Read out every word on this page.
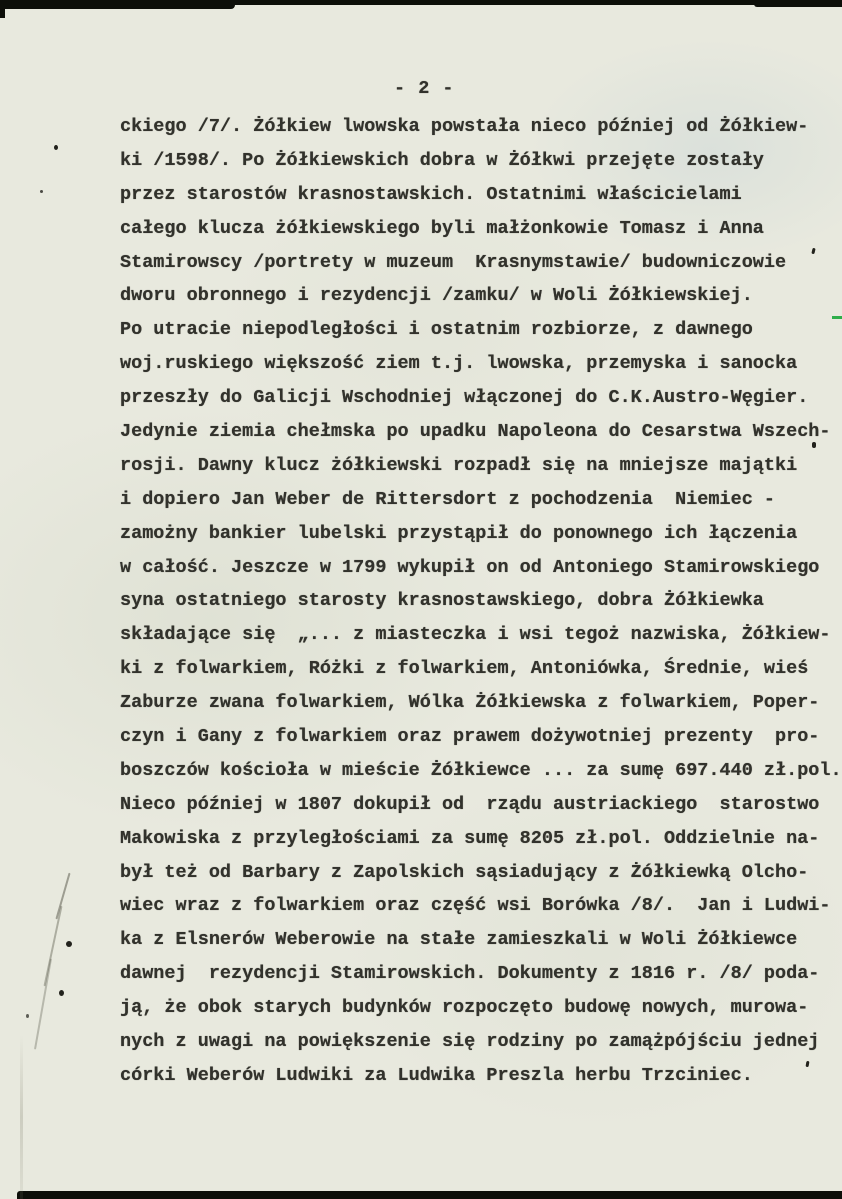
- 2 -

ckiego /7/. Żółkiew lwowska powstała nieco później od Żółkiew-

ki /1598/. Po Żółkiewskich dobra w Żółkwi przejęte zostały

przez starostów krasnostawskich. Ostatnimi właścicielami

całego klucza żółkiewskiego byli małżonkowie Tomasz i Anna

Stamirowscy /portrety w muzeum  Krasnymstawie/ budowniczowie

dworu obronnego i rezydencji /zamku/ w Woli Żółkiewskiej.

Po utracie niepodległości i ostatnim rozbiorze, z dawnego

woj.ruskiego większość ziem t.j. lwowska, przemyska i sanocka

przeszły do Galicji Wschodniej włączonej do C.K.Austro-Węgier.

Jedynie ziemia chełmska po upadku Napoleona do Cesarstwa Wszech-

rosji. Dawny klucz żółkiewski rozpadł się na mniejsze majątki

i dopiero Jan Weber de Rittersdort z pochodzenia  Niemiec -

zamożny bankier lubelski przystąpił do ponownego ich łączenia

w całość. Jeszcze w 1799 wykupił on od Antoniego Stamirowskiego

syna ostatniego starosty krasnostawskiego, dobra Żółkiewka

składające się  „... z miasteczka i wsi tegoż nazwiska, Żółkiew-

ki z folwarkiem, Różki z folwarkiem, Antoniówka, Średnie, wieś

Zaburze zwana folwarkiem, Wólka Żółkiewska z folwarkiem, Poper-

czyn i Gany z folwarkiem oraz prawem dożywotniej prezenty  pro-

boszczów kościoła w mieście Żółkiewce ... za sumę 697.440 zł.pol.

Nieco później w 1807 dokupił od  rządu austriackiego  starostwo

Makowiska z przyległościami za sumę 8205 zł.pol. Oddzielnie na-

był też od Barbary z Zapolskich sąsiadujący z Żółkiewką Olcho-

wiec wraz z folwarkiem oraz część wsi Borówka /8/.  Jan i Ludwi-

ka z Elsnerów Weberowie na stałe zamieszkali w Woli Żółkiewce

dawnej  rezydencji Stamirowskich. Dokumenty z 1816 r. /8/ poda-

ją, że obok starych budynków rozpoczęto budowę nowych, murowa-

nych z uwagi na powiększenie się rodziny po zamążpójściu jednej

córki Weberów Ludwiki za Ludwika Preszla herbu Trzciniec.
